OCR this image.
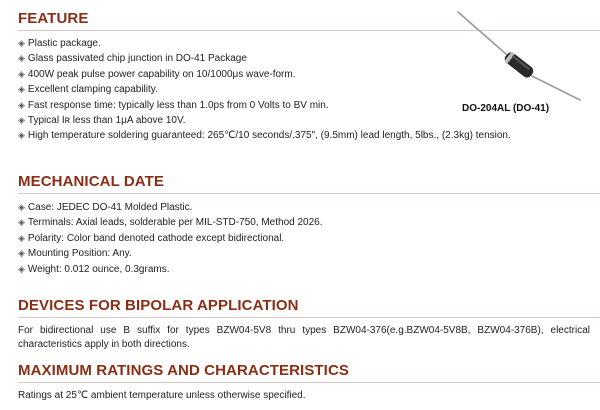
FEATURE
◈ Plastic package.
◈ Glass passivated chip junction in DO-41 Package
◈ 400W peak pulse power capability on 10/1000μs wave-form.
◈ Excellent clamping capability.
◈ Fast response time: typically less than 1.0ps from 0 Volts to BV min.
◈ Typical Iʀ less than 1μA above 10V.
◈ High temperature soldering guaranteed: 265℃/10 seconds/.375", (9.5mm) lead length, 5lbs., (2.3kg) tension.
DO-204AL (DO-41)
MECHANICAL DATE
◈ Case: JEDEC DO-41 Molded Plastic.
◈ Terminals: Axial leads, solderable per MIL-STD-750, Method 2026.
◈ Polarity: Color band denoted cathode except bidirectional.
◈ Mounting Position: Any.
◈ Weight: 0.012 ounce, 0.3grams.
DEVICES FOR BIPOLAR APPLICATION

For bidirectional use B suffix for types BZW04-5V8 thru types BZW04-376(e.g.BZW04-5V8B, BZW04-376B), electrical characteristics apply in both directions.

MAXIMUM RATINGS AND CHARACTERISTICS

Ratings at 25℃ ambient temperature unless otherwise specified.
